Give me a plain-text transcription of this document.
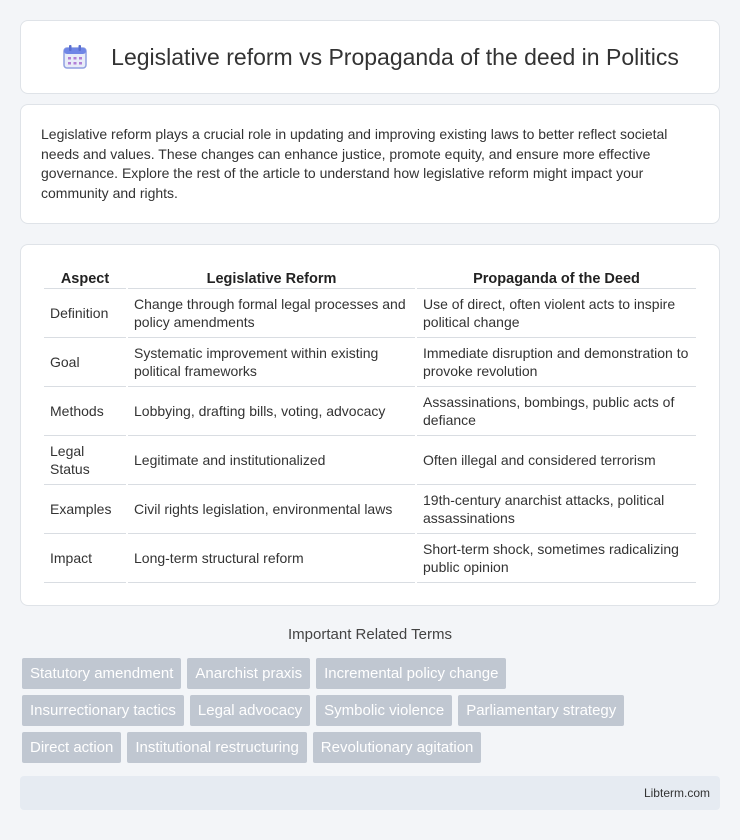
Legislative reform vs Propaganda of the deed in Politics

Legislative reform plays a crucial role in updating and improving existing laws to better reflect societal needs and values. These changes can enhance justice, promote equity, and ensure more effective governance. Explore the rest of the article to understand how legislative reform might impact your community and rights.

Aspect	Legislative Reform	Propaganda of the Deed
Definition	Change through formal legal processes and policy amendments	Use of direct, often violent acts to inspire political change
Goal	Systematic improvement within existing political frameworks	Immediate disruption and demonstration to provoke revolution
Methods	Lobbying, drafting bills, voting, advocacy	Assassinations, bombings, public acts of defiance
Legal Status	Legitimate and institutionalized	Often illegal and considered terrorism
Examples	Civil rights legislation, environmental laws	19th-century anarchist attacks, political assassinations
Impact	Long-term structural reform	Short-term shock, sometimes radicalizing public opinion
Important Related Terms
Statutory amendment	Anarchist praxis	Incremental policy change
Insurrectionary tactics	Legal advocacy	Symbolic violence	Parliamentary strategy
Direct action	Institutional restructuring	Revolutionary agitation
Libterm.com
